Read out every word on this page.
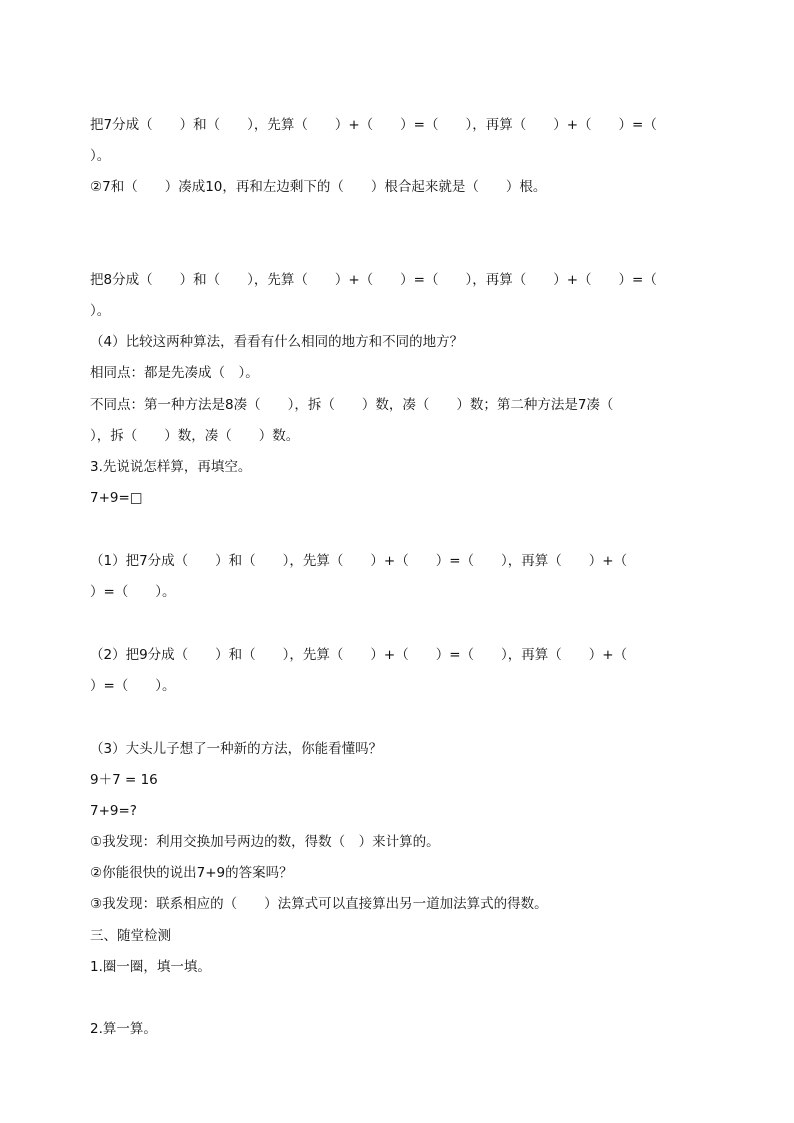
把7分成（　　）和（　　），先算（　　）+（　　）=（　　），再算（　　）+（　　）=（
）。
②7和（　　）凑成10，再和左边剩下的（　　）根合起来就是（　　）根。
把8分成（　　）和（　　），先算（　　）+（　　）=（　　），再算（　　）+（　　）=（
）。
（4）比较这两种算法，看看有什么相同的地方和不同的地方？
相同点：都是先凑成（　）。
不同点：第一种方法是8凑（　　），拆（　　）数，凑（　　）数；第二种方法是7凑（
），拆（　　）数，凑（　　）数。
3.先说说怎样算，再填空。
7+9=□
（1）把7分成（　　）和（　　），先算（　　）+（　　）=（　　），再算（　　）+（
）=（　　）。
（2）把9分成（　　）和（　　），先算（　　）+（　　）=（　　），再算（　　）+（
）=（　　）。
（3）大头儿子想了一种新的方法，你能看懂吗？
9＋7 = 16
7+9=?
①我发现：利用交换加号两边的数，得数（　）来计算的。
②你能很快的说出7+9的答案吗？
③我发现：联系相应的（　　）法算式可以直接算出另一道加法算式的得数。
三、随堂检测
1.圈一圈，填一填。
2.算一算。
